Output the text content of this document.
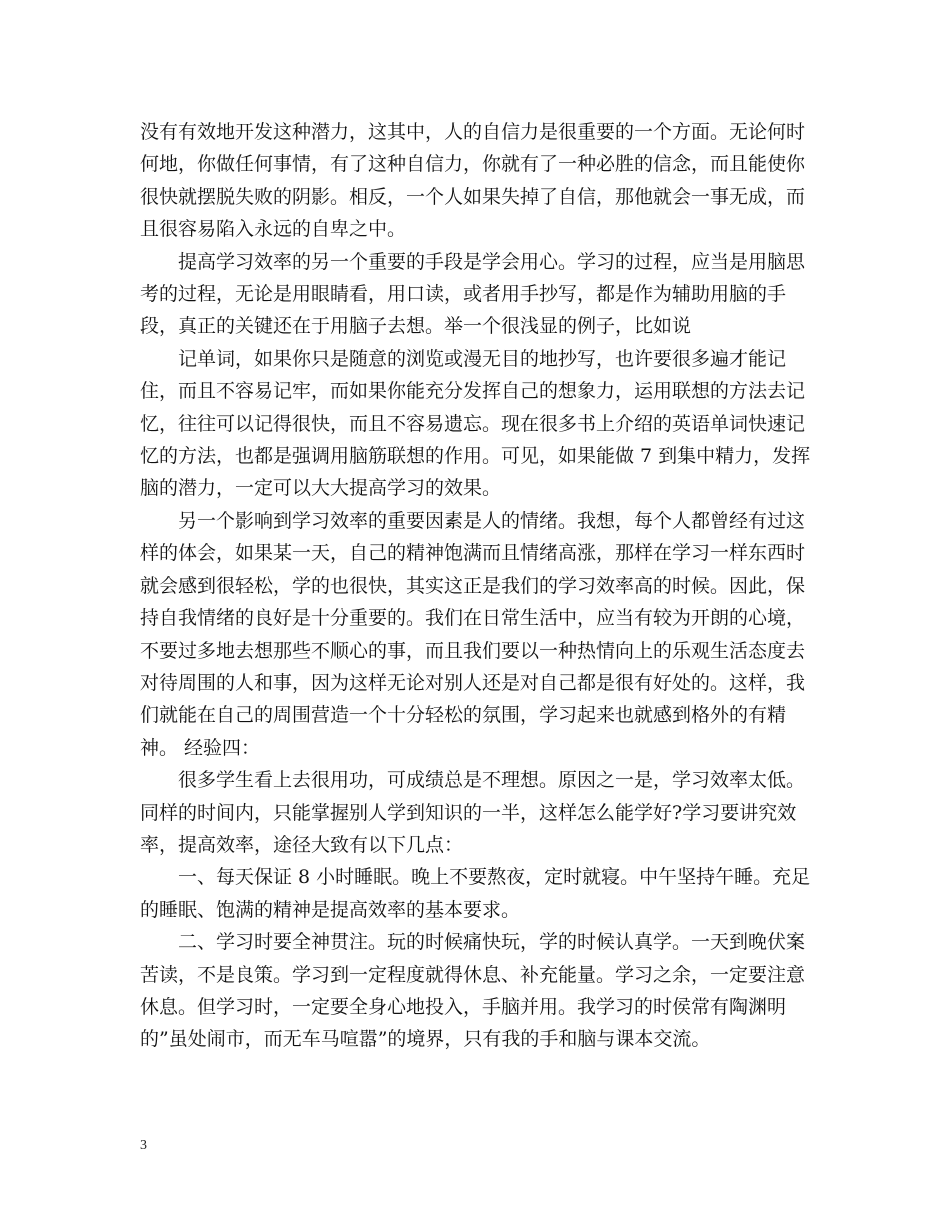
没有有效地开发这种潜力，这其中，人的自信力是很重要的一个方面。无论何时何地，你做任何事情，有了这种自信力，你就有了一种必胜的信念，而且能使你很快就摆脱失败的阴影。相反，一个人如果失掉了自信，那他就会一事无成，而且很容易陷入永远的自卑之中。

提高学习效率的另一个重要的手段是学会用心。学习的过程，应当是用脑思考的过程，无论是用眼睛看，用口读，或者用手抄写，都是作为辅助用脑的手段，真正的关键还在于用脑子去想。举一个很浅显的例子，比如说

记单词，如果你只是随意的浏览或漫无目的地抄写，也许要很多遍才能记住，而且不容易记牢，而如果你能充分发挥自己的想象力，运用联想的方法去记忆，往往可以记得很快，而且不容易遗忘。现在很多书上介绍的英语单词快速记忆的方法，也都是强调用脑筋联想的作用。可见，如果能做 7 到集中精力，发挥脑的潜力，一定可以大大提高学习的效果。

另一个影响到学习效率的重要因素是人的情绪。我想，每个人都曾经有过这样的体会，如果某一天，自己的精神饱满而且情绪高涨，那样在学习一样东西时就会感到很轻松，学的也很快，其实这正是我们的学习效率高的时候。因此，保持自我情绪的良好是十分重要的。我们在日常生活中，应当有较为开朗的心境，不要过多地去想那些不顺心的事，而且我们要以一种热情向上的乐观生活态度去对待周围的人和事，因为这样无论对别人还是对自己都是很有好处的。这样，我们就能在自己的周围营造一个十分轻松的氛围，学习起来也就感到格外的有精神。 经验四：

很多学生看上去很用功，可成绩总是不理想。原因之一是，学习效率太低。同样的时间内，只能掌握别人学到知识的一半，这样怎么能学好?学习要讲究效率，提高效率，途径大致有以下几点：

一、每天保证 8 小时睡眠。晚上不要熬夜，定时就寝。中午坚持午睡。充足的睡眠、饱满的精神是提高效率的基本要求。

二、学习时要全神贯注。玩的时候痛快玩，学的时候认真学。一天到晚伏案苦读，不是良策。学习到一定程度就得休息、补充能量。学习之余，一定要注意休息。但学习时，一定要全身心地投入，手脑并用。我学习的时侯常有陶渊明的”虽处闹市，而无车马喧嚣”的境界，只有我的手和脑与课本交流。

3
